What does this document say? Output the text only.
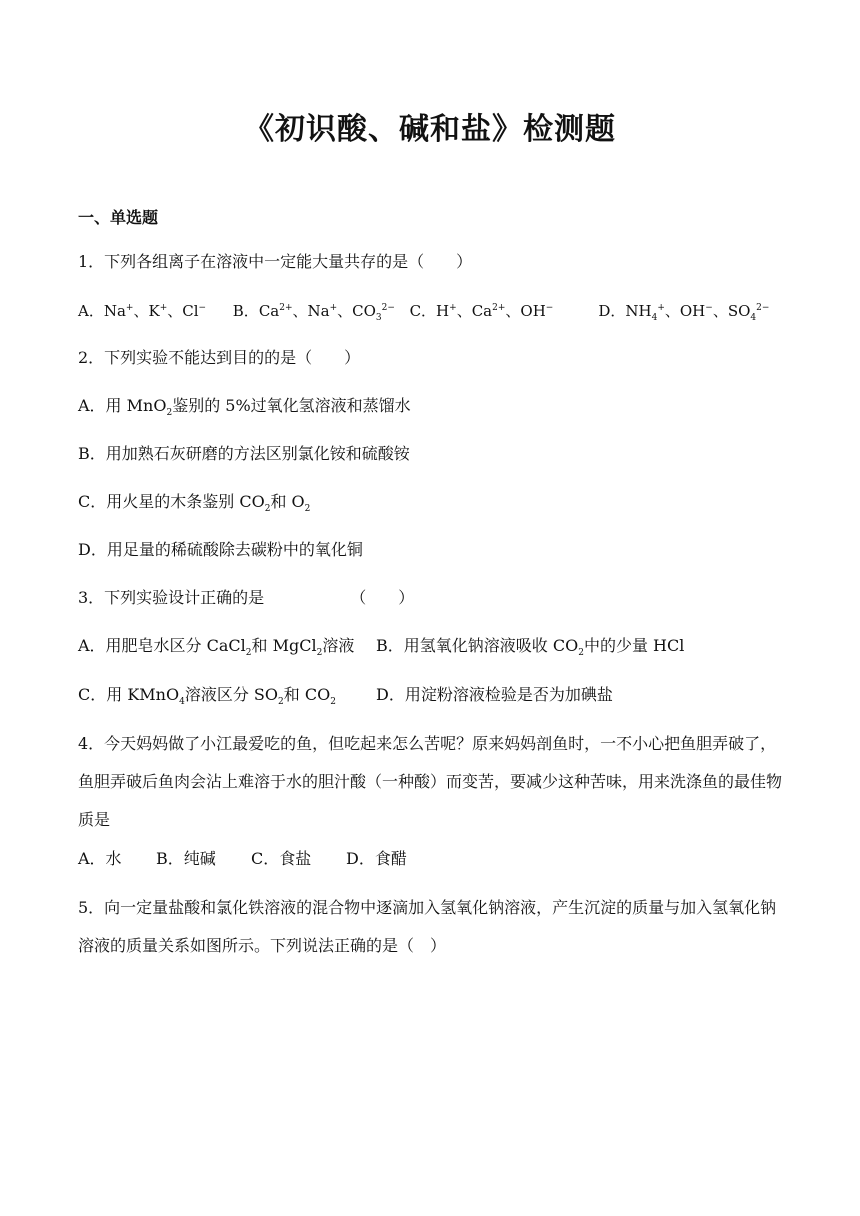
《初识酸、碱和盐》检测题
一、单选题
1．下列各组离子在溶液中一定能大量共存的是（　　）
A．Na+、K+、Cl− B．$Ca^{2+}$、Na+、$CO_3^{2-}$ C．H+、$Ca^{2+}$、OH−	D．$NH_4^+$、OH−、$SO_4^{2-}$
2．下列实验不能达到目的的是（　　）
A．用 MnO$_2$鉴别的 5%过氧化氢溶液和蒸馏水
B．用加熟石灰研磨的方法区别氯化铵和硫酸铵
C．用火星的木条鉴别 $CO_2$和 $O_2$
D．用足量的稀硫酸除去碳粉中的氧化铜
3．下列实验设计正确的是	（　　）
A．用肥皂水区分 CaCl$_2$和 MgCl$_2$溶液 B．用氢氧化钠溶液吸收 $CO_2$中的少量 HCl
C．用 KMnO$_4$溶液区分 $SO_2$和 $CO_2$	D．用淀粉溶液检验是否为加碘盐
4．今天妈妈做了小江最爱吃的鱼，但吃起来怎么苦呢？原来妈妈剖鱼时，一不小心把鱼胆弄破了，鱼胆弄破后鱼肉会沾上难溶于水的胆汁酸（一种酸）而变苦，要减少这种苦味，用来洗涤鱼的最佳物质是
A．水 B．纯碱 C．食盐 D．食醋
5．向一定量盐酸和氯化铁溶液的混合物中逐滴加入氢氧化钠溶液，产生沉淀的质量与加入氢氧化钠溶液的质量关系如图所示。下列说法正确的是（　）
